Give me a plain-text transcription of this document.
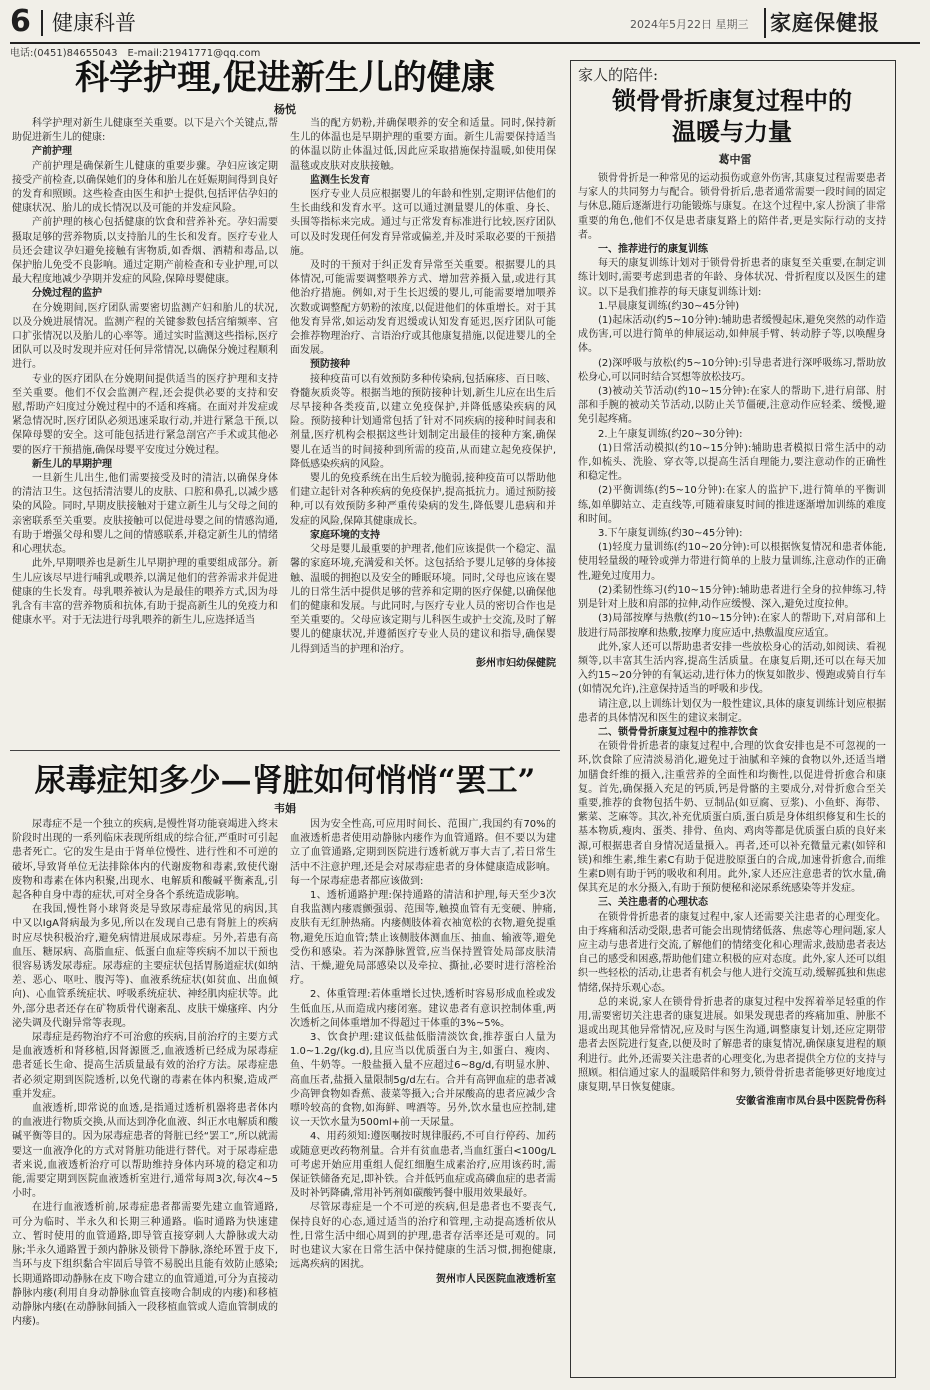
6 健康科普	2024年5月22日 星期三 家庭保健报
电话:(0451)84655043　E-mail:21941771@qq.com
科学护理,促进新生儿的健康
杨悦

科学护理对新生儿健康至关重要。以下是六个关键点,帮助促进新生儿的健康:

产前护理

产前护理是确保新生儿健康的重要步骤。孕妇应该定期接受产前检查,以确保她们的身体和胎儿在妊娠期间得到良好的发育和照顾。这些检查由医生和护士提供,包括评估孕妇的健康状况、胎儿的成长情况以及可能的并发症风险。

产前护理的核心包括健康的饮食和营养补充。孕妇需要摄取足够的营养物质,以支持胎儿的生长和发育。医疗专业人员还会建议孕妇避免接触有害物质,如香烟、酒精和毒品,以保护胎儿免受不良影响。通过定期产前检查和专业护理,可以最大程度地减少孕期并发症的风险,保障母婴健康。

分娩过程的监护

在分娩期间,医疗团队需要密切监测产妇和胎儿的状况,以及分娩进展情况。监测产程的关键参数包括宫缩频率、宫口扩张情况以及胎儿的心率等。通过实时监测这些指标,医疗团队可以及时发现并应对任何异常情况,以确保分娩过程顺利进行。

专业的医疗团队在分娩期间提供适当的医疗护理和支持至关重要。他们不仅会监测产程,还会提供必要的支持和安慰,帮助产妇度过分娩过程中的不适和疼痛。在面对并发症或紧急情况时,医疗团队必须迅速采取行动,并进行紧急干预,以保障母婴的安全。这可能包括进行紧急剖宫产手术或其他必要的医疗干预措施,确保母婴平安度过分娩过程。

新生儿的早期护理

一旦新生儿出生,他们需要接受及时的清洁,以确保身体的清洁卫生。这包括清洁婴儿的皮肤、口腔和鼻孔,以减少感染的风险。同时,早期皮肤接触对于建立新生儿与父母之间的亲密联系至关重要。皮肤接触可以促进母婴之间的情感沟通,有助于增强父母和婴儿之间的情感联系,并稳定新生儿的情绪和心理状态。

此外,早期喂养也是新生儿早期护理的重要组成部分。新生儿应该尽早进行哺乳或喂养,以满足他们的营养需求并促进健康的生长发育。母乳喂养被认为是最佳的喂养方式,因为母乳含有丰富的营养物质和抗体,有助于提高新生儿的免疫力和健康水平。对于无法进行母乳喂养的新生儿,应选择适当

当的配方奶粉,并确保喂养的安全和适量。同时,保持新生儿的体温也是早期护理的重要方面。新生儿需要保持适当的体温以防止体温过低,因此应采取措施保持温暖,如使用保温毯或皮肤对皮肤接触。

监测生长发育

医疗专业人员应根据婴儿的年龄和性别,定期评估他们的生长曲线和发育水平。这可以通过测量婴儿的体重、身长、头围等指标来完成。通过与正常发育标准进行比较,医疗团队可以及时发现任何发育异常或偏差,并及时采取必要的干预措施。

及时的干预对于纠正发育异常至关重要。根据婴儿的具体情况,可能需要调整喂养方式、增加营养摄入量,或进行其他治疗措施。例如,对于生长迟缓的婴儿,可能需要增加喂养次数或调整配方奶粉的浓度,以促进他们的体重增长。对于其他发育异常,如运动发育迟缓或认知发育延迟,医疗团队可能会推荐物理治疗、言语治疗或其他康复措施,以促进婴儿的全面发展。

预防接种

接种疫苗可以有效预防多种传染病,包括麻疹、百日咳、脊髓灰质炎等。根据当地的预防接种计划,新生儿应在出生后尽早接种各类疫苗,以建立免疫保护,并降低感染疾病的风险。预防接种计划通常包括了针对不同疾病的接种时间表和剂量,医疗机构会根据这些计划制定出最佳的接种方案,确保婴儿在适当的时间接种到所需的疫苗,从而建立起免疫保护,降低感染疾病的风险。

婴儿的免疫系统在出生后较为脆弱,接种疫苗可以帮助他们建立起针对各种疾病的免疫保护,提高抵抗力。通过预防接种,可以有效预防多种严重传染病的发生,降低婴儿患病和并发症的风险,保障其健康成长。

家庭环境的支持

父母是婴儿最重要的护理者,他们应该提供一个稳定、温馨的家庭环境,充满爱和关怀。这包括给予婴儿足够的身体接触、温暖的拥抱以及安全的睡眠环境。同时,父母也应该在婴儿的日常生活中提供足够的营养和定期的医疗保健,以确保他们的健康和发展。与此同时,与医疗专业人员的密切合作也是至关重要的。父母应该定期与儿科医生或护士交流,及时了解婴儿的健康状况,并遵循医疗专业人员的建议和指导,确保婴儿得到适当的护理和治疗。

彭州市妇幼保健院

尿毒症知多少—肾脏如何悄悄“罢工”
韦娟

尿毒症不是一个独立的疾病,是慢性肾功能衰竭进入终末阶段时出现的一系列临床表现所组成的综合征,严重时可引起患者死亡。它的发生是由于肾单位慢性、进行性和不可逆的破坏,导致肾单位无法排除体内的代谢废物和毒素,致使代谢废物和毒素在体内积聚,出现水、电解质和酸碱平衡紊乱,引起各种自身中毒的症状,可对全身各个系统造成影响。

在我国,慢性肾小球肾炎是导致尿毒症最常见的病因,其中又以IgA肾病最为多见,所以在发现自己患有肾脏上的疾病时应尽快积极治疗,避免病情进展成尿毒症。另外,若患有高血压、糖尿病、高脂血症、低蛋白血症等疾病不加以干预也很容易诱发尿毒症。尿毒症的主要症状包括胃肠道症状(如纳差、恶心、呕吐、腹泻等)、血液系统症状(如贫血、出血倾向)、心血管系统症状、呼吸系统症状、神经肌肉症状等。此外,部分患者还存在矿物质骨代谢紊乱、皮肤干燥瘙痒、内分泌失调及代谢异常等表现。

尿毒症是药物治疗不可治愈的疾病,目前治疗的主要方式是血液透析和肾移植,因肾源匮乏,血液透析已经成为尿毒症患者延长生命、提高生活质量最有效的治疗方法。尿毒症患者必须定期到医院透析,以免代谢的毒素在体内积聚,造成严重并发症。

血液透析,即常说的血透,是指通过透析机器将患者体内的血液进行物质交换,从而达到净化血液、纠正水电解质和酸碱平衡等目的。因为尿毒症患者的肾脏已经“罢工”,所以就需要这一血液净化的方式对肾脏功能进行替代。对于尿毒症患者来说,血液透析治疗可以帮助维持身体内环境的稳定和功能,需要定期到医院血液透析室进行,通常每周3次,每次4~5小时。

在进行血液透析前,尿毒症患者都需要先建立血管通路,可分为临时、半永久和长期三种通路。临时通路为快速建立、暂时使用的血管通路,即导管直接穿刺人大静脉或大动脉;半永久通路置于颈内静脉及锁骨下静脉,涤纶环置于皮下,当环与皮下组织黏合牢固后导管不易脱出且能有效防止感染;长期通路即动静脉在皮下吻合建立的血管通道,可分为直接动静脉内瘘(利用自身动静脉血管直接吻合制成的内瘘)和移植动静脉内瘘(在动静脉间插入一段移植血管或人造血管制成的内瘘)。

因为安全性高,可应用时间长、范围广,我国约有70%的血液透析患者使用动静脉内瘘作为血管通路。但不要以为建立了血管通路,定期到医院进行透析就万事大吉了,若日常生活中不注意护理,还是会对尿毒症患者的身体健康造成影响。每一个尿毒症患者都应该做到:

1、透析通路护理:保持通路的清洁和护理,每天至少3次自我监测内瘘震颤强弱、范围等,触摸血管有无变硬、肿痛,皮肤有无红肿热痛。内瘘侧肢体着衣袖宽松的衣物,避免提重物,避免压迫血管;禁止该侧肢体测血压、抽血、输液等,避免受伤和感染。若为深静脉置管,应当保持置管处局部皮肤清洁、干燥,避免局部感染以及牵拉、撕扯,必要时进行溶栓治疗。

2、体重管理:若体重增长过快,透析时容易形成血栓或发生低血压,从而造成内瘘闭塞。建议患者有意识控制体重,两次透析之间体重增加不得超过干体重的3%~5%。

3、饮食护理:建议低盐低脂清淡饮食,推荐蛋白人量为1.0~1.2g/(kg.d),且应当以优质蛋白为主,如蛋白、瘦肉、鱼、牛奶等。一般盐摄入量不应超过6~8g/d,有明显水肿、高血压者,盐摄入量限制5g/d左右。合并有高钾血症的患者减少高钾食物如香蕉、菠菜等摄入;合并尿酸高的患者应减少含嘌呤较高的食物,如海鲜、啤酒等。另外,饮水量也应控制,建议一天饮水量为500ml+前一天尿量。

4、用药须知:遵医嘱按时规律服药,不可自行停药、加药或随意更改药物剂量。合并有贫血患者,当血红蛋白<100g/L可考虑开始应用重组人促红细胞生成素治疗,应用该药时,需保证铁储备充足,即补铁。合并低钙血症或高磷血症的患者需及时补钙降磷,常用补钙剂如碳酸钙餐中服用效果最好。

尽管尿毒症是一个不可逆的疾病,但是患者也不要丧气,保持良好的心态,通过适当的治疗和管理,主动提高透析依从性,日常生活中细心周到的护理,患者存活率还是可观的。同时也建议大家在日常生活中保持健康的生活习惯,拥抱健康,远离疾病的困扰。

贺州市人民医院血液透析室

家人的陪伴:
锁骨骨折康复过程中的
温暖与力量
葛中雷

锁骨骨折是一种常见的运动损伤或意外伤害,其康复过程需要患者与家人的共同努力与配合。锁骨骨折后,患者通常需要一段时间的固定与休息,随后逐渐进行功能锻炼与康复。在这个过程中,家人扮演了非常重要的角色,他们不仅是患者康复路上的陪伴者,更是实际行动的支持者。

一、推荐进行的康复训练

每天的康复训练计划对于锁骨骨折患者的康复至关重要,在制定训练计划时,需要考虑到患者的年龄、身体状况、骨折程度以及医生的建议。以下是我们推荐的每天康复训练计划:

1.早晨康复训练(约30~45分钟)

(1)起床活动(约5~10分钟):辅助患者缓慢起床,避免突然的动作造成伤害,可以进行简单的伸展运动,如伸展手臂、转动脖子等,以唤醒身体。

(2)深呼吸与放松(约5~10分钟):引导患者进行深呼吸练习,帮助放松身心,可以同时结合冥想等放松技巧。

(3)被动关节活动(约10~15分钟):在家人的帮助下,进行肩部、肘部和手腕的被动关节活动,以防止关节僵硬,注意动作应轻柔、缓慢,避免引起疼痛。

2.上午康复训练(约20~30分钟):

(1)日常活动模拟(约10~15分钟):辅助患者模拟日常生活中的动作,如梳头、洗脸、穿衣等,以提高生活自理能力,要注意动作的正确性和稳定性。

(2)平衡训练(约5~10分钟):在家人的监护下,进行简单的平衡训练,如单脚站立、走直线等,可随着康复时间的推进逐渐增加训练的难度和时间。

3.下午康复训练(约30~45分钟):

(1)轻度力量训练(约10~20分钟):可以根据恢复情况和患者体能,使用轻量级的哑铃或弹力带进行简单的上肢力量训练,注意动作的正确性,避免过度用力。

(2)柔韧性练习(约10~15分钟):辅助患者进行全身的拉伸练习,特别是针对上肢和肩部的拉伸,动作应缓慢、深入,避免过度拉伸。

(3)局部按摩与热敷(约10~15分钟):在家人的帮助下,对肩部和上肢进行局部按摩和热敷,按摩力度应适中,热敷温度应适宜。

此外,家人还可以帮助患者安排一些放松身心的活动,如阅读、看视频等,以丰富其生活内容,提高生活质量。在康复后期,还可以在每天加入约15~20分钟的有氧运动,进行体力的恢复如散步、慢跑或骑自行车(如情况允许),注意保持适当的呼吸和步伐。

请注意,以上训练计划仅为一般性建议,具体的康复训练计划应根据患者的具体情况和医生的建议来制定。

二、锁骨骨折康复过程中的推荐饮食

在锁骨骨折患者的康复过程中,合理的饮食安排也是不可忽视的一环,饮食除了应清淡易消化,避免过于油腻和辛辣的食物以外,还适当增加膳食纤维的摄入,注重营养的全面性和均衡性,以促进骨折愈合和康复。首先,确保摄入充足的钙质,钙是骨骼的主要成分,对骨折愈合至关重要,推荐的食物包括牛奶、豆制品(如豆腐、豆浆)、小鱼虾、海带、紫菜、芝麻等。其次,补充优质蛋白质,蛋白质是身体组织修复和生长的基本物质,瘦肉、蛋类、排骨、鱼肉、鸡肉等都是优质蛋白质的良好来源,可根据患者自身情况适量摄入。再者,还可以补充微量元素(如锌和镁)和维生素,维生素C有助于促进胶原蛋白的合成,加速骨折愈合,而维生素D则有助于钙的吸收和利用。此外,家人还应注意患者的饮水量,确保其充足的水分摄入,有助于预防便秘和泌尿系统感染等并发症。

三、关注患者的心理状态

在锁骨骨折患者的康复过程中,家人还需要关注患者的心理变化。由于疼痛和活动受限,患者可能会出现情绪低落、焦虑等心理问题,家人应主动与患者进行交流,了解他们的情绪变化和心理需求,鼓励患者表达自己的感受和困惑,帮助他们建立积极的应对态度。此外,家人还可以组织一些轻松的活动,让患者有机会与他人进行交流互动,缓解孤独和焦虑情绪,保持乐观心态。

总的来说,家人在锁骨骨折患者的康复过程中发挥着举足轻重的作用,需要密切关注患者的康复进展。如果发现患者的疼痛加重、肿胀不退或出现其他异常情况,应及时与医生沟通,调整康复计划,还应定期带患者去医院进行复查,以便及时了解患者的康复情况,确保康复进程的顺利进行。此外,还需要关注患者的心理变化,为患者提供全方位的支持与照顾。相信通过家人的温暖陪伴和努力,锁骨骨折患者能够更好地度过康复期,早日恢复健康。

安徽省淮南市凤台县中医院骨伤科
